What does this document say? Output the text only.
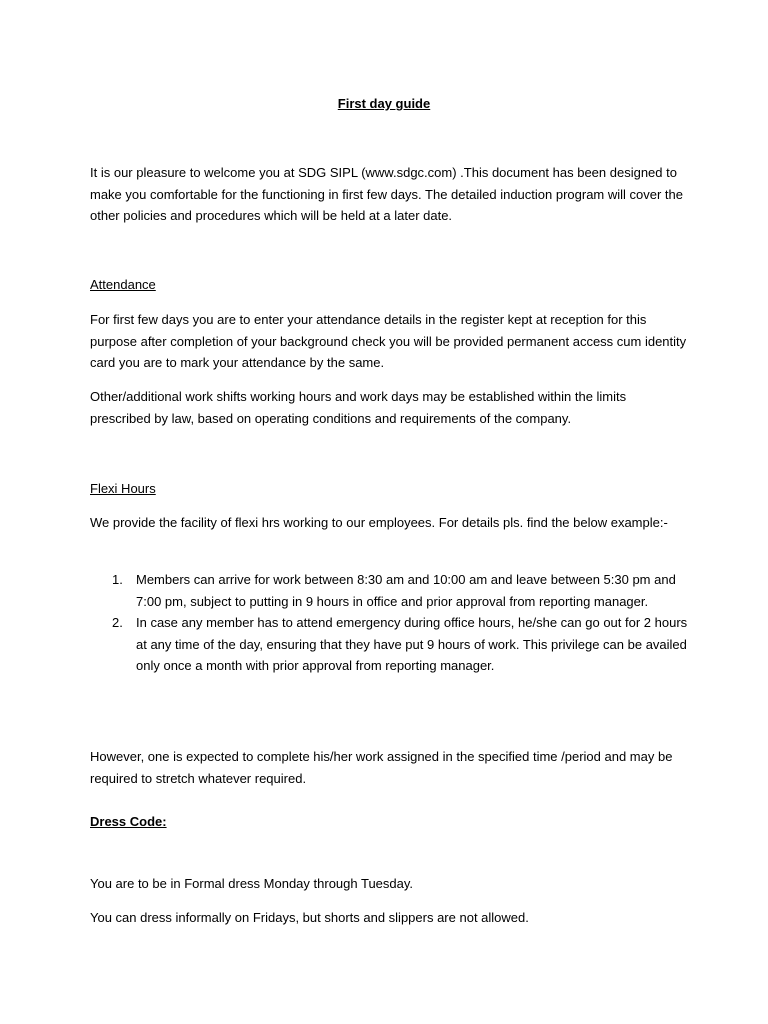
First day guide

It is our pleasure to welcome you at SDG SIPL (www.sdgc.com) .This document has been designed to make you comfortable for the functioning in first few days. The detailed induction program will cover the other policies and procedures which will be held at a later date.

Attendance

For first few days you are to enter your attendance details in the register kept at reception for this purpose after completion of your background check you will be provided permanent access cum identity card you are to mark your attendance by the same.

Other/additional work shifts working hours and work days may be established within the limits prescribed by law, based on operating conditions and requirements of the company.

Flexi Hours

We provide the facility of flexi hrs working to our employees. For details pls. find the below example:-

1. Members can arrive for work between 8:30 am and 10:00 am and leave between 5:30 pm and 7:00 pm, subject to putting in 9 hours in office and prior approval from reporting manager.
2. In case any member has to attend emergency during office hours, he/she can go out for 2 hours at any time of the day, ensuring that they have put 9 hours of work. This privilege can be availed only once a month with prior approval from reporting manager.

However, one is expected to complete his/her work assigned in the specified time /period and may be required to stretch whatever required.

Dress Code:

You are to be in Formal dress Monday through Tuesday.

You can dress informally on Fridays, but shorts and slippers are not allowed.
